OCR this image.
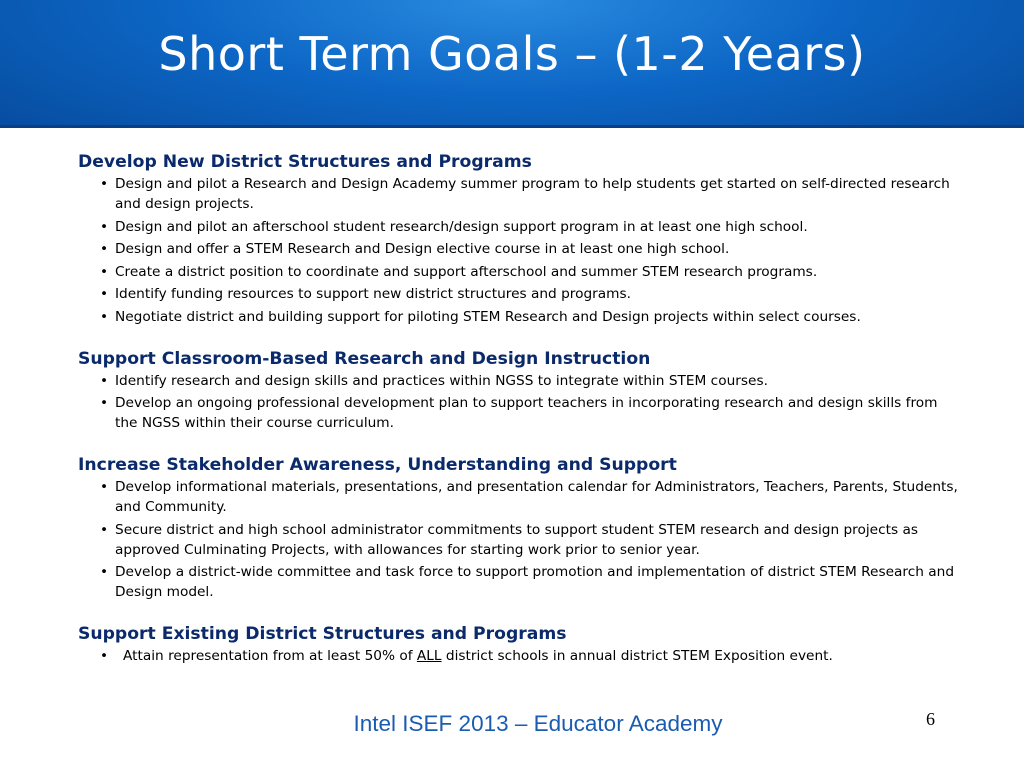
Short Term Goals – (1-2 Years)
Develop New District Structures and Programs
• Design and pilot a Research and Design Academy summer program to help students get started on self-directed research and design projects.
• Design and pilot an afterschool student research/design support program in at least one high school.
• Design and offer a STEM Research and Design elective course in at least one high school.
• Create a district position to coordinate and support afterschool and summer STEM research programs.
• Identify funding resources to support new district structures and programs.
• Negotiate district and building support for piloting STEM Research and Design projects within select courses.
Support Classroom-Based Research and Design Instruction
• Identify research and design skills and practices within NGSS to integrate within STEM courses.
• Develop an ongoing professional development plan to support teachers in incorporating research and design skills from the NGSS within their course curriculum.
Increase Stakeholder Awareness, Understanding and Support
• Develop informational materials, presentations, and presentation calendar for Administrators, Teachers, Parents, Students, and Community.
• Secure district and high school administrator commitments to support student STEM research and design projects as approved Culminating Projects, with allowances for starting work prior to senior year.
• Develop a district-wide committee and task force to support promotion and implementation of district STEM Research and Design model.
Support Existing District Structures and Programs
• Attain representation from at least 50% of ALL district schools in annual district STEM Exposition event.
Intel ISEF 2013 – Educator Academy	6
